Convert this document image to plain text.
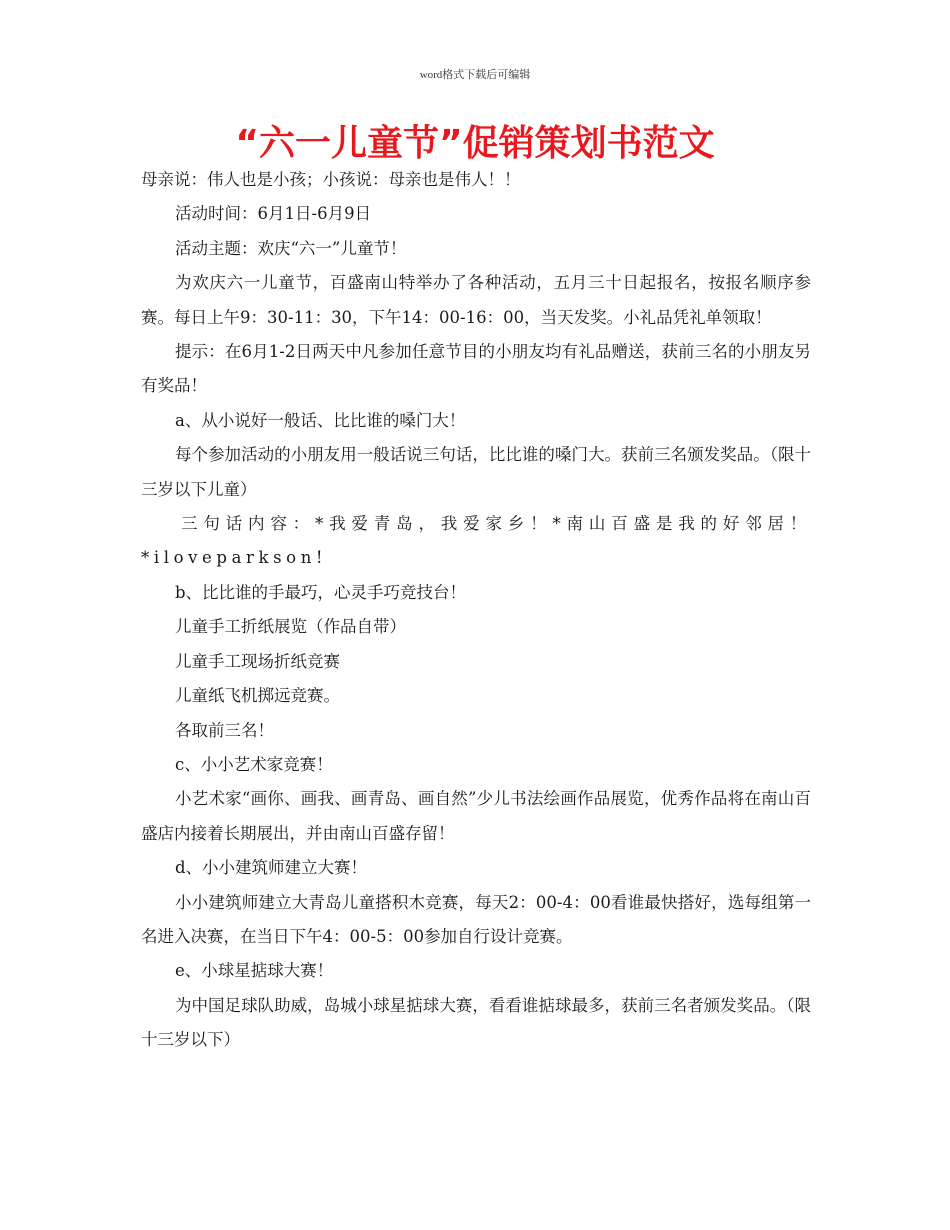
word格式下载后可编辑
“六一儿童节”促销策划书范文

母亲说：伟人也是小孩；小孩说：母亲也是伟人！！

活动时间：6月1日-6月9日

活动主题：欢庆“六一”儿童节！

为欢庆六一儿童节，百盛南山特举办了各种活动，五月三十日起报名，按报名顺序参赛。每日上午9：30-11：30，下午14：00-16：00，当天发奖。小礼品凭礼单领取！

提示：在6月1-2日两天中凡参加任意节目的小朋友均有礼品赠送，获前三名的小朋友另有奖品！

a、从小说好一般话、比比谁的嗓门大！

每个参加活动的小朋友用一般话说三句话，比比谁的嗓门大。获前三名颁发奖品。（限十三岁以下儿童）

三句话内容：*我爱青岛，我爱家乡！*南山百盛是我的好邻居！*iloveparkson!

b、比比谁的手最巧，心灵手巧竞技台！

儿童手工折纸展览（作品自带）

儿童手工现场折纸竞赛

儿童纸飞机掷远竞赛。

各取前三名！

c、小小艺术家竞赛！

小艺术家“画你、画我、画青岛、画自然”少儿书法绘画作品展览，优秀作品将在南山百盛店内接着长期展出，并由南山百盛存留！

d、小小建筑师建立大赛！

小小建筑师建立大青岛儿童搭积木竞赛，每天2：00-4：00看谁最快搭好，选每组第一名进入决赛，在当日下午4：00-5：00参加自行设计竞赛。

e、小球星掂球大赛！

为中国足球队助威，岛城小球星掂球大赛，看看谁掂球最多，获前三名者颁发奖品。（限十三岁以下）
